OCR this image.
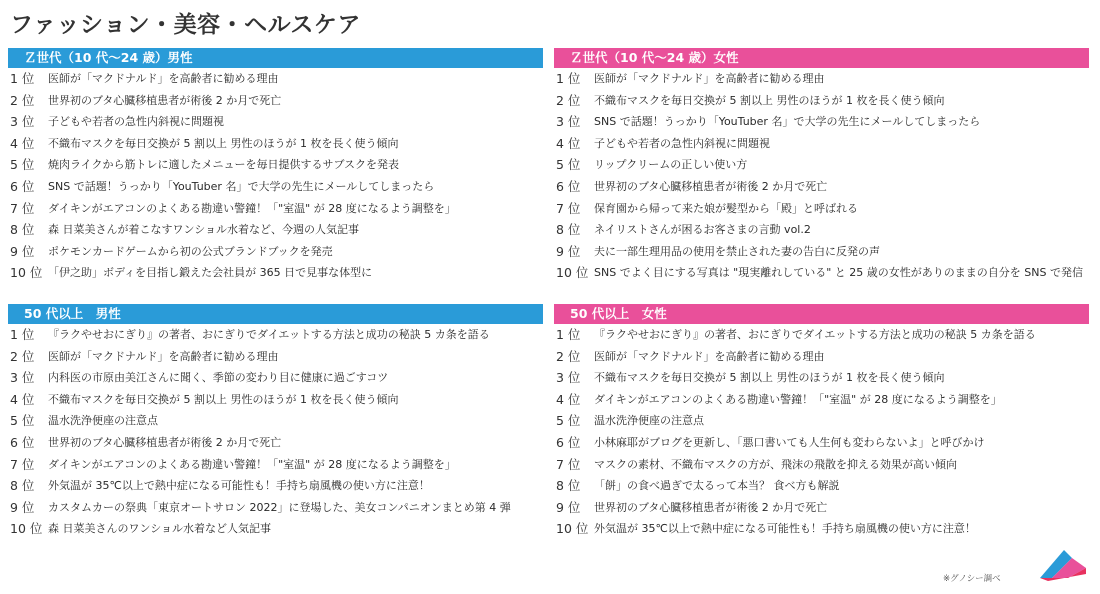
ファッション・美容・ヘルスケア
Ｚ世代（10 代〜24 歳）男性
1 位	医師が「マクドナルド」を高齢者に勧める理由
2 位	世界初のブタ心臓移植患者が術後 2 か月で死亡
3 位	子どもや若者の急性内斜視に問題視
4 位	不織布マスクを毎日交換が 5 割以上 男性のほうが 1 枚を長く使う傾向
5 位	焼肉ライクから筋トレに適したメニューを毎日提供するサブスクを発表
6 位	SNS で話題！うっかり「YouTuber 名」で大学の先生にメールしてしまったら
7 位	ダイキンがエアコンのよくある勘違い警鐘！「"室温" が 28 度になるよう調整を」
8 位	森 日菜美さんが着こなすワンショル水着など、今週の人気記事
9 位	ポケモンカードゲームから初の公式ブランドブックを発売
10 位 「伊之助」ボディを目指し鍛えた会社員が 365 日で見事な体型に
Ｚ世代（10 代〜24 歳）女性
1 位	医師が「マクドナルド」を高齢者に勧める理由
2 位	不織布マスクを毎日交換が 5 割以上 男性のほうが 1 枚を長く使う傾向
3 位	SNS で話題！うっかり「YouTuber 名」で大学の先生にメールしてしまったら
4 位	子どもや若者の急性内斜視に問題視
5 位	リップクリームの正しい使い方
6 位	世界初のブタ心臓移植患者が術後 2 か月で死亡
7 位	保育園から帰って来た娘が髪型から「殿」と呼ばれる
8 位	ネイリストさんが困るお客さまの言動 vol.2
9 位	夫に一部生理用品の使用を禁止された妻の告白に反発の声
10 位 SNS でよく目にする写真は "現実離れしている" と 25 歳の女性がありのままの自分を SNS で発信
50 代以上　男性
1 位	『ラクやせおにぎり』の著者、おにぎりでダイエットする方法と成功の秘訣 5 カ条を語る
2 位	医師が「マクドナルド」を高齢者に勧める理由
3 位	内科医の市原由美江さんに聞く、季節の変わり目に健康に過ごすコツ
4 位	不織布マスクを毎日交換が 5 割以上 男性のほうが 1 枚を長く使う傾向
5 位	温水洗浄便座の注意点
6 位	世界初のブタ心臓移植患者が術後 2 か月で死亡
7 位	ダイキンがエアコンのよくある勘違い警鐘！「"室温" が 28 度になるよう調整を」
8 位	外気温が 35℃以上で熱中症になる可能性も！手持ち扇風機の使い方に注意！
9 位	カスタムカーの祭典「東京オートサロン 2022」に登場した、美女コンパニオンまとめ第 4 弾
10 位 森 日菜美さんのワンショル水着など人気記事
50 代以上　女性
1 位	『ラクやせおにぎり』の著者、おにぎりでダイエットする方法と成功の秘訣 5 カ条を語る
2 位	医師が「マクドナルド」を高齢者に勧める理由
3 位	不織布マスクを毎日交換が 5 割以上 男性のほうが 1 枚を長く使う傾向
4 位	ダイキンがエアコンのよくある勘違い警鐘！「"室温" が 28 度になるよう調整を」
5 位	温水洗浄便座の注意点
6 位	小林麻耶がブログを更新し、「悪口書いても人生何も変わらないよ」と呼びかけ
7 位	マスクの素材、不織布マスクの方が、飛沫の飛散を抑える効果が高い傾向
8 位	「餅」の食べ過ぎで太るって本当？ 食べ方も解説
9 位	世界初のブタ心臓移植患者が術後 2 か月で死亡
10 位 外気温が 35℃以上で熱中症になる可能性も！手持ち扇風機の使い方に注意！
※グノシー調べ
